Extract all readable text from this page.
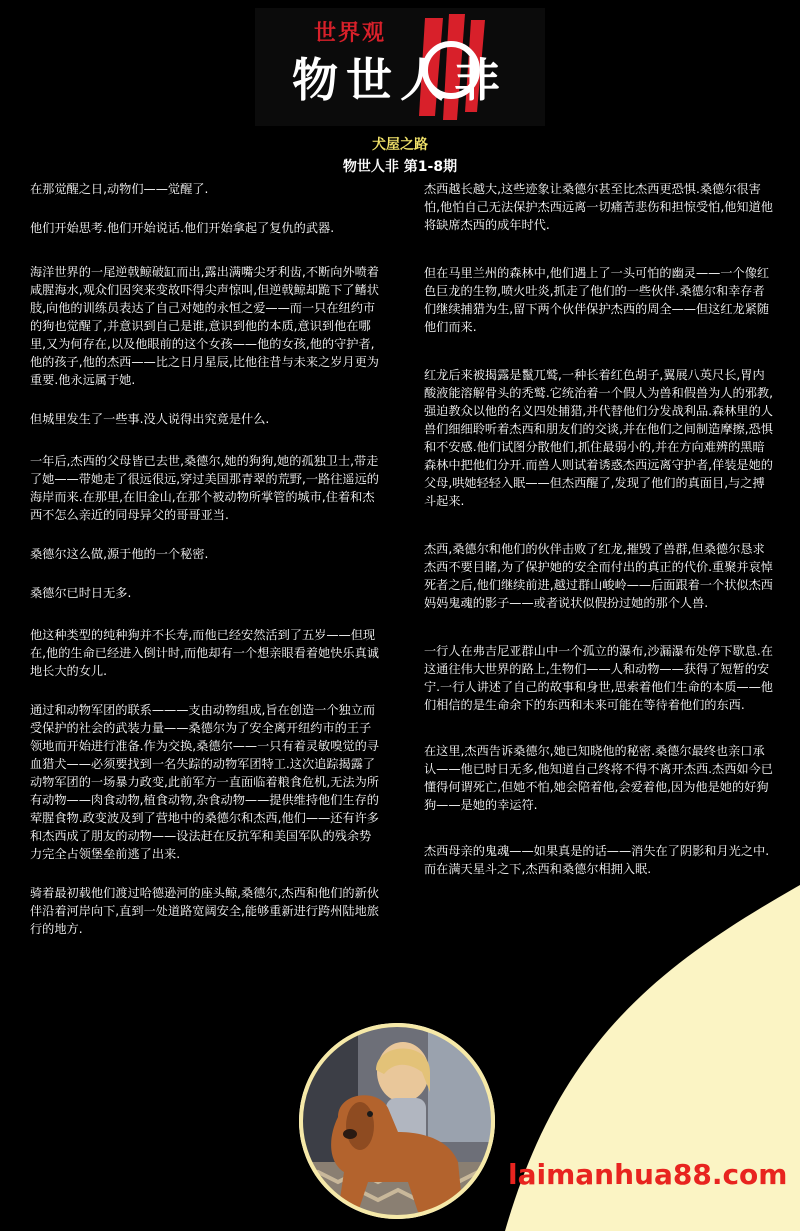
世界观
物世人非
犬屋之路
物世人非 第1-8期

在那觉醒之日,动物们——觉醒了.

他们开始思考.他们开始说话.他们开始拿起了复仇的武器.

海洋世界的一尾逆戟鲸破缸而出,露出满嘴尖牙利齿,不断向外喷着咸腥海水,观众们因突来变故吓得尖声惊叫,但逆戟鲸却跪下了鳍状肢,向他的训练员表达了自己对她的永恒之爱——而一只在纽约市的狗也觉醒了,并意识到自己是谁,意识到他的本质,意识到他在哪里,又为何存在,以及他眼前的这个女孩——他的女孩,他的守护者,他的孩子,他的杰西——比之日月星辰,比他往昔与未来之岁月更为重要.他永远属于她.

但城里发生了一些事.没人说得出究竟是什么.

一年后,杰西的父母皆已去世,桑德尔,她的狗狗,她的孤独卫士,带走了她——带她走了很远很远,穿过美国那青翠的荒野,一路往遥远的海岸而来.在那里,在旧金山,在那个被动物所掌管的城市,住着和杰西不怎么亲近的同母异父的哥哥亚当.

桑德尔这么做,源于他的一个秘密.

桑德尔已时日无多.

他这种类型的纯种狗并不长寿,而他已经安然活到了五岁——但现在,他的生命已经进入倒计时,而他却有一个想亲眼看着她快乐真诚地长大的女儿.

通过和动物军团的联系———支由动物组成,旨在创造一个独立而受保护的社会的武装力量——桑德尔为了安全离开纽约市的王子领地而开始进行准备.作为交换,桑德尔——一只有着灵敏嗅觉的寻血猎犬——必须要找到一名失踪的动物军团特工.这次追踪揭露了动物军团的一场暴力政变,此前军方一直面临着粮食危机,无法为所有动物——肉食动物,植食动物,杂食动物——提供维持他们生存的荤腥食物.政变波及到了营地中的桑德尔和杰西,他们——还有许多和杰西成了朋友的动物——设法赶在反抗军和美国军队的残余势力完全占领堡垒前逃了出来.

骑着最初载他们渡过哈德逊河的座头鲸,桑德尔,杰西和他们的新伙伴沿着河岸向下,直到一处道路宽阔安全,能够重新进行跨州陆地旅行的地方.

杰西越长越大,这些迹象让桑德尔甚至比杰西更恐惧.桑德尔很害怕,他怕自己无法保护杰西远离一切痛苦悲伤和担惊受怕,他知道他将缺席杰西的成年时代.

但在马里兰州的森林中,他们遇上了一头可怕的幽灵——一个像红色巨龙的生物,喷火吐炎,抓走了他们的一些伙伴.桑德尔和幸存者们继续捕猎为生,留下两个伙伴保护杰西的周全——但这红龙紧随他们而来.

红龙后来被揭露是鬣兀鹫,一种长着红色胡子,翼展八英尺长,胃内酸液能溶解骨头的秃鹫.它统治着一个假人为兽和假兽为人的邪教,强迫教众以他的名义四处捕猎,并代替他们分发战利品.森林里的人兽们细细聆听着杰西和朋友们的交谈,并在他们之间制造摩擦,恐惧和不安感.他们试图分散他们,抓住最弱小的,并在方向难辨的黑暗森林中把他们分开.而兽人则试着诱惑杰西远离守护者,佯装是她的父母,哄她轻轻入眠——但杰西醒了,发现了他们的真面目,与之搏斗起来.

杰西,桑德尔和他们的伙伴击败了红龙,摧毁了兽群,但桑德尔恳求杰西不要目睹,为了保护她的安全而付出的真正的代价.重聚并哀悼死者之后,他们继续前进,越过群山峻岭——后面跟着一个状似杰西妈妈鬼魂的影子——或者说状似假扮过她的那个人兽.

一行人在弗吉尼亚群山中一个孤立的瀑布,沙漏瀑布处停下歇息.在这通往伟大世界的路上,生物们——人和动物——获得了短暂的安宁.一行人讲述了自己的故事和身世,思索着他们生命的本质——他们相信的是生命余下的东西和未来可能在等待着他们的东西.

在这里,杰西告诉桑德尔,她已知晓他的秘密.桑德尔最终也亲口承认——他已时日无多,他知道自己终将不得不离开杰西.杰西如今已懂得何谓死亡,但她不怕,她会陪着他,会爱着他,因为他是她的好狗狗——是她的幸运符.

杰西母亲的鬼魂——如果真是的话——消失在了阴影和月光之中.而在满天星斗之下,杰西和桑德尔相拥入眠.

laimanhua88.com
